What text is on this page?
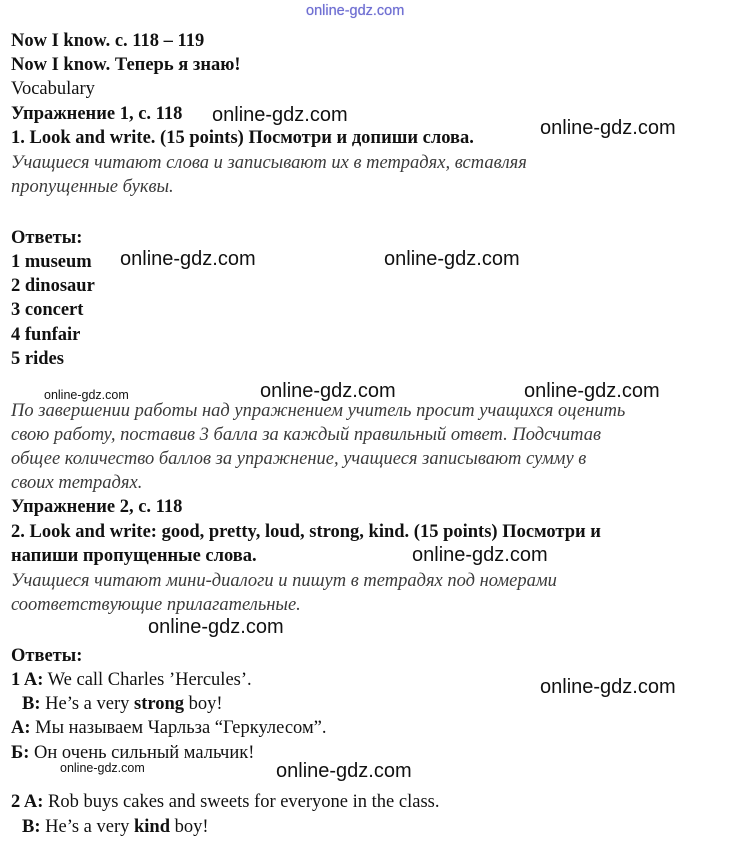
online-gdz.com
Now I know. c. 118 – 119
Now I know. Теперь я знаю!
Vocabulary
Упражнение 1, с. 118
1. Look and write. (15 points) Посмотри и допиши слова.
Учащиеся читают слова и записывают их в тетрадях, вставляя
пропущенные буквы.
Ответы:
1 museum
2 dinosaur
3 concert
4 funfair
5 rides
По завершении работы над упражнением учитель просит учащихся оценить
свою работу, поставив 3 балла за каждый правильный ответ. Подсчитав
общее количество баллов за упражнение, учащиеся записывают сумму в
своих тетрадях.
Упражнение 2, с. 118
2. Look and write: good, pretty, loud, strong, kind. (15 points) Посмотри и
напиши пропущенные слова.
Учащиеся читают мини-диалоги и пишут в тетрадях под номерами
соответствующие прилагательные.
Ответы:
1 A: We call Charles ’Hercules’.
B: He’s a very strong boy!
А: Мы называем Чарльза “Геркулесом”.
Б: Он очень сильный мальчик!
2 A: Rob buys cakes and sweets for everyone in the class.
B: He’s a very kind boy!
online-gdz.com
online-gdz.com
online-gdz.com	online-gdz.com
online-gdz.com	online-gdz.com
online-gdz.com
online-gdz.com
online-gdz.com
online-gdz.com
online-gdz.com	online-gdz.com
